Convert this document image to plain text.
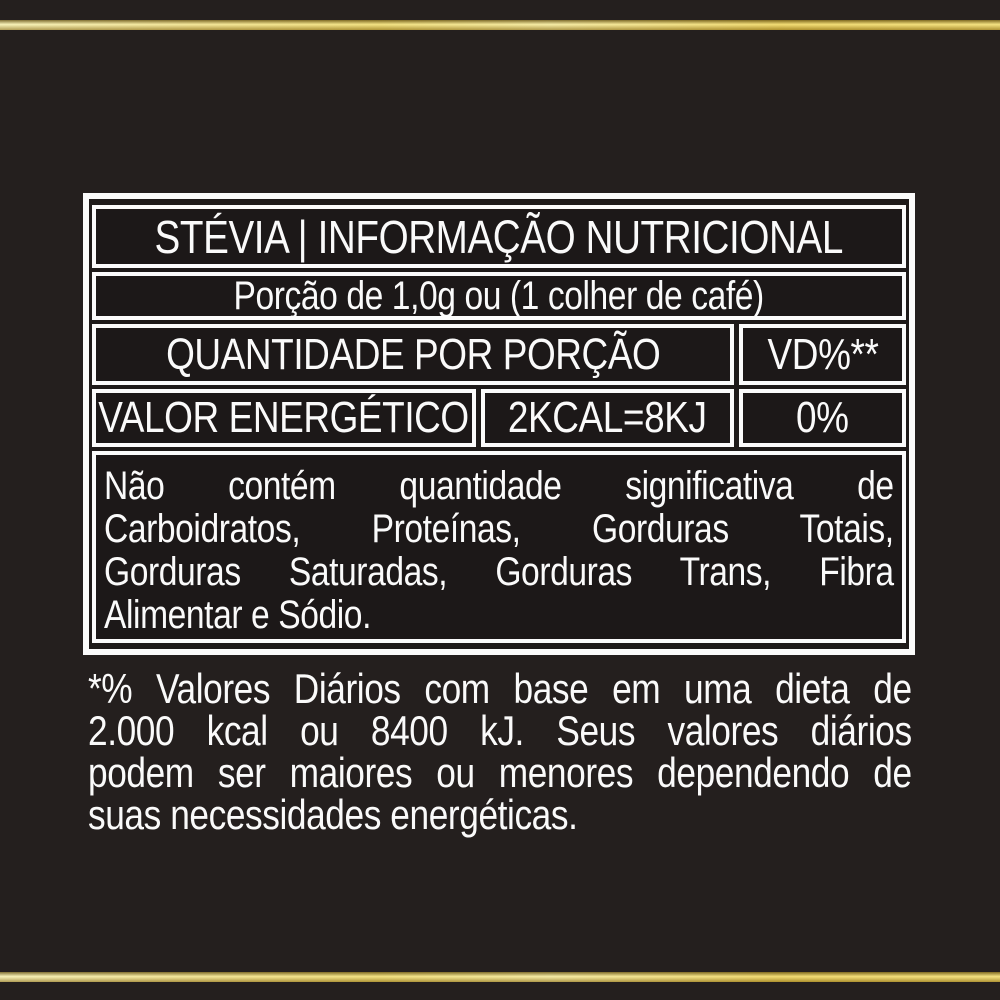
STÉVIA | INFORMAÇÃO NUTRICIONAL
Porção de 1,0g ou (1 colher de café)
QUANTIDADE POR PORÇÃO VD%**
VALOR ENERGÉTICO 2KCAL=8KJ 0%
Não contém quantidade significativa de
Carboidratos, Proteínas, Gorduras Totais,
Gorduras Saturadas, Gorduras Trans, Fibra
Alimentar e Sódio.
*% Valores Diários com base em uma dieta de
2.000 kcal ou 8400 kJ. Seus valores diários
podem ser maiores ou menores dependendo de
suas necessidades energéticas.
